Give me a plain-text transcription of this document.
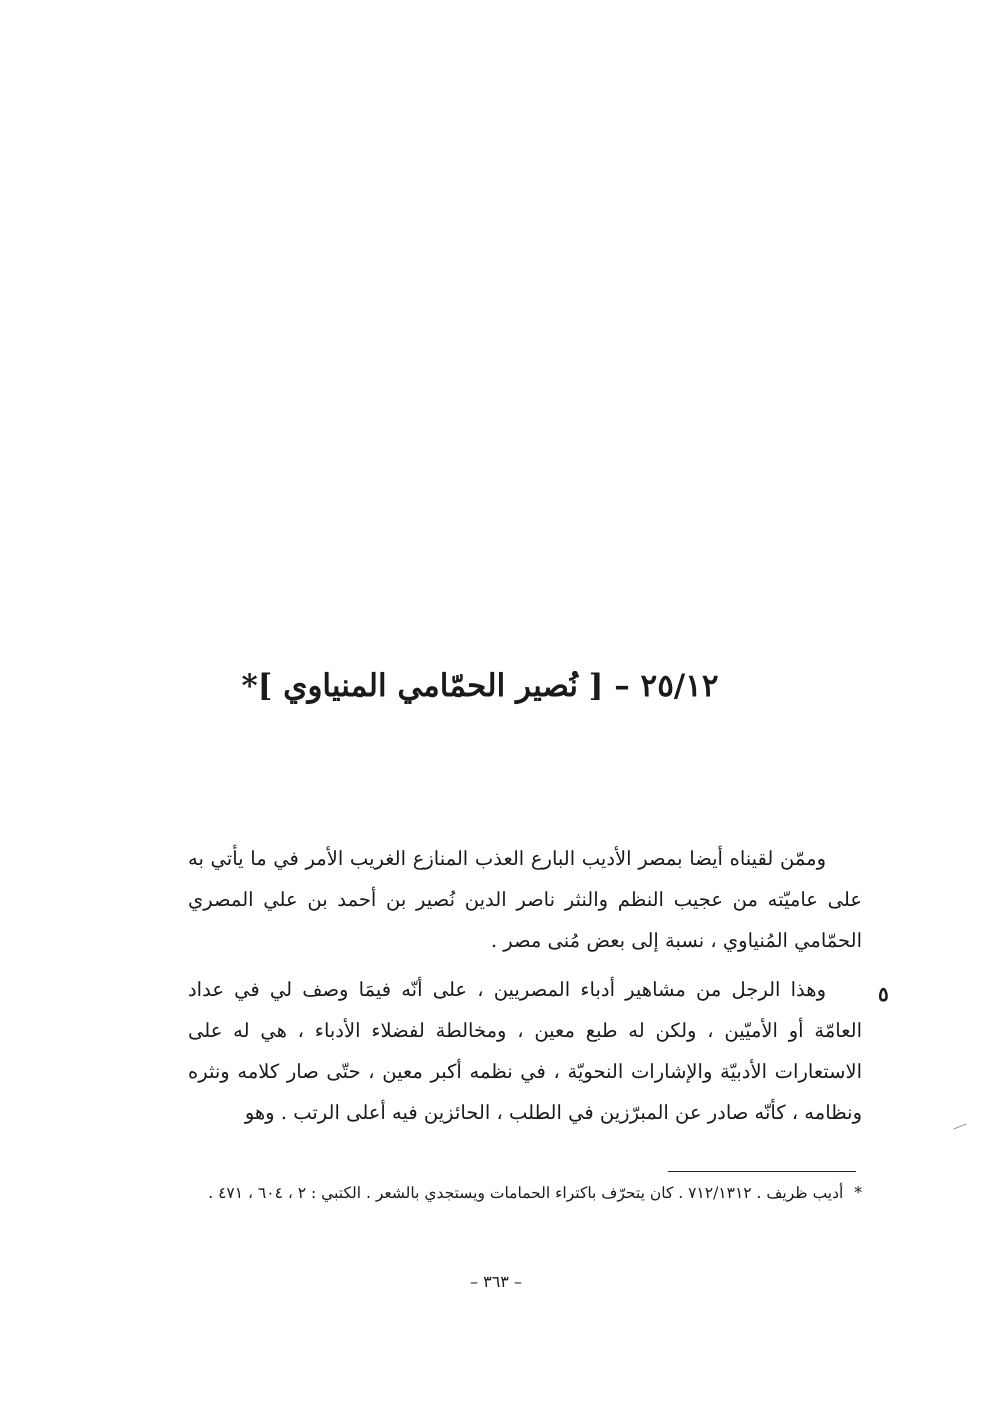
٢٥/١٢ – [ نُصير الحمّامي المنياوي ]*

وممّن لقيناه أيضا بمصر الأديب البارع العذب المنازع الغريب الأمر في ما يأتي به على عاميّته من عجيب النظم والنثر ناصر الدين نُصير بن أحمد بن علي المصري الحمّامي المُنياوي ، نسبة إلى بعض مُنى مصر .

وهذا الرجل من مشاهير أدباء المصريين ، على أنّه فيمَا وصف لي في عداد العامّة أو الأميّين ، ولكن له طبع معين ، ومخالطة لفضلاء الأدباء ، هي له على الاستعارات الأدبيّة والإشارات النحويّة ، في نظمه أكبر معين ، حتّى صار كلامه ونثره ونظامه ، كأنّه صادر عن المبرّزين في الطلب ، الحائزين فيه أعلى الرتب . وهو

٥
* أديب ظريف . ٧١٢/١٣١٢ . كان يتحرّف باكتراء الحمامات ويستجدي بالشعر . الكتبي : ٢ ، ٦٠٤ ، ٤٧١ .
– ٣٦٣ –
